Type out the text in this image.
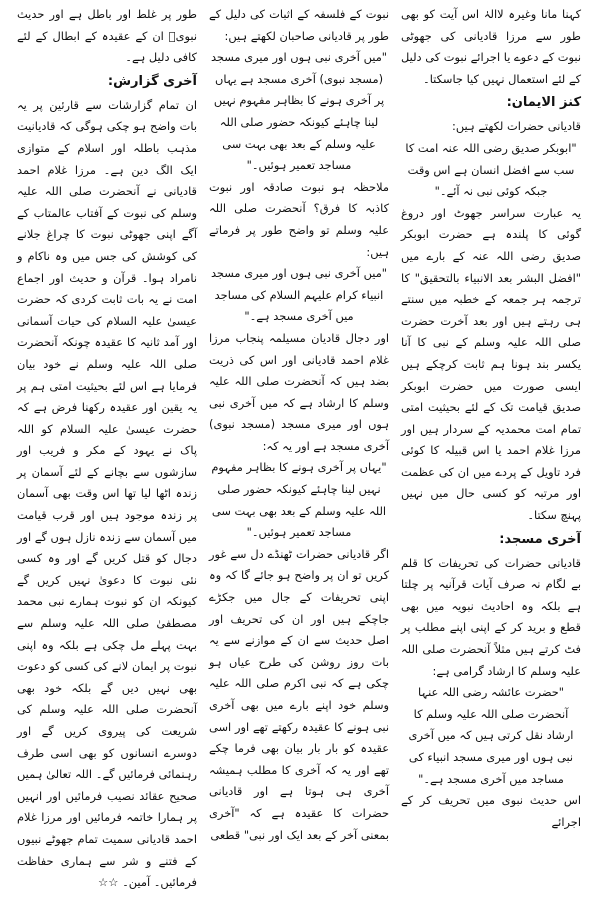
کہنا مانا وغیرہ لاالہٰ اس آیت کو بھی طور سے مرزا قادیانی کی جھوٹی نبوت کے دعوے یا اجرائے نبوت کی دلیل کے لئے استعمال نہیں کیا جاسکتا۔

کنز الایمان:

قادیانی حضرات لکھتے ہیں:

"ابوبکر صدیق رضی اللہ عنہ امت کا سب سے افضل انسان ہے اس وقت جبکہ کوئی نبی نہ آئے۔"

یہ عبارت سراسر جھوٹ اور دروغ گوئی کا پلندہ ہے حضرت ابوبکر صدیق رضی اللہ عنہ کے بارے میں "افضل البشر بعد الانبیاء بالتحقیق" کا ترجمہ ہر جمعہ کے خطبہ میں سنتے ہی رہتے ہیں اور بعد آخرت حضرت صلی اللہ علیہ وسلم کے نبی کا آنا یکسر بند ہونا ہم ثابت کرچکے ہیں ایسی صورت میں حضرت ابوبکر صدیق قیامت تک کے لئے بحیثیت امتی تمام امت محمدیہ کے سردار ہیں اور مرزا غلام احمد یا اس قبیلہ کا کوئی فرد تاویل کے پردے میں ان کی عظمت اور مرتبہ کو کسی حال میں نہیں پہنچ سکتا۔

آخری مسجد:

قادیانی حضرات کی تحریفات کا قلم بے لگام نہ صرف آیات قرآنیہ پر چلتا ہے بلکہ وہ احادیث نبویہ میں بھی قطع و برید کر کے اپنی اپنے مطلب پر فٹ کرتے ہیں مثلاً آنحضرت صلی اللہ علیہ وسلم کا ارشاد گرامی ہے:

"حضرت عائشہ رضی اللہ عنہا آنحضرت صلی اللہ علیہ وسلم کا ارشاد نقل کرتی ہیں کہ میں آخری نبی ہوں اور میری مسجد انبیاء کی مساجد میں آخری مسجد ہے۔"

اس حدیث نبوی میں تحریف کر کے اجرائے

نبوت کے فلسفہ کے اثبات کی دلیل کے طور پر قادیانی صاحبان لکھتے ہیں:

"میں آخری نبی ہوں اور میری مسجد (مسجد نبوی) آخری مسجد ہے یہاں پر آخری ہونے کا بظاہر مفہوم نہیں لینا چاہئے کیونکہ حضور صلی اللہ علیہ وسلم کے بعد بھی بہت سی مساجد تعمیر ہوئیں۔"

ملاحظہ ہو نبوت صادقہ اور نبوت کاذبہ کا فرق؟ آنحضرت صلی اللہ علیہ وسلم تو واضح طور پر فرماتے ہیں:

"میں آخری نبی ہوں اور میری مسجد انبیاء کرام علیہم السلام کی مساجد میں آخری مسجد ہے۔"

اور دجال قادیان مسیلمہ پنجاب مرزا غلام احمد قادیانی اور اس کی ذریت بضد ہیں کہ آنحضرت صلی اللہ علیہ وسلم کا ارشاد ہے کہ میں آخری نبی ہوں اور میری مسجد (مسجد نبوی) آخری مسجد ہے اور یہ کہ:

"یہاں پر آخری ہونے کا بظاہر مفہوم نہیں لینا چاہئے کیونکہ حضور صلی اللہ علیہ وسلم کے بعد بھی بہت سی مساجد تعمیر ہوئیں۔"

اگر قادیانی حضرات ٹھنڈے دل سے غور کریں تو ان پر واضح ہو جائے گا کہ وہ اپنی تحریفات کے جال میں جکڑے جاچکے ہیں اور ان کی تحریف اور اصل حدیث سے ان کے موازنے سے یہ بات روز روشن کی طرح عیاں ہو چکی ہے کہ نبی اکرم صلی اللہ علیہ وسلم خود اپنے بارے میں بھی آخری نبی ہونے کا عقیدہ رکھتے تھے اور اسی عقیدہ کو بار بار بیان بھی فرما چکے تھے اور یہ کہ آخری کا مطلب ہمیشہ آخری ہی ہوتا ہے اور قادیانی حضرات کا عقیدہ ہے کہ "آخری بمعنی آخر کے بعد ایک اور نبی" قطعی

طور پر غلط اور باطل ہے اور حدیث نبویؐ ان کے عقیدہ کے ابطال کے لئے کافی دلیل ہے۔

آخری گزارش:

ان تمام گزارشات سے قارئین پر یہ بات واضح ہو چکی ہوگی کہ قادیانیت مذہب باطلہ اور اسلام کے متوازی ایک الگ دین ہے۔ مرزا غلام احمد قادیانی نے آنحضرت صلی اللہ علیہ وسلم کی نبوت کے آفتاب عالمتاب کے آگے اپنی جھوٹی نبوت کا چراغ جلانے کی کوشش کی جس میں وہ ناکام و نامراد ہوا۔ قرآن و حدیث اور اجماع امت نے یہ بات ثابت کردی کہ حضرت عیسیٰ علیہ السلام کی حیات آسمانی اور آمد ثانیہ کا عقیدہ چونکہ آنحضرت صلی اللہ علیہ وسلم نے خود بیان فرمایا ہے اس لئے بحیثیت امتی ہم پر یہ یقین اور عقیدہ رکھنا فرض ہے کہ حضرت عیسیٰ علیہ السلام کو اللہ پاک نے یہود کے مکر و فریب اور سازشوں سے بچانے کے لئے آسمان پر زندہ اٹھا لیا تھا اس وقت بھی آسمان پر زندہ موجود ہیں اور قرب قیامت میں آسمان سے زندہ نازل ہوں گے اور دجال کو قتل کریں گے اور وہ کسی نئی نبوت کا دعویٰ نہیں کریں گے کیونکہ ان کو نبوت ہمارے نبی محمد مصطفیٰ صلی اللہ علیہ وسلم سے بہت پہلے مل چکی ہے بلکہ وہ اپنی نبوت پر ایمان لانے کی کسی کو دعوت بھی نہیں دیں گے بلکہ خود بھی آنحضرت صلی اللہ علیہ وسلم کی شریعت کی پیروی کریں گے اور دوسرے انسانوں کو بھی اسی طرف رہنمائی فرمائیں گے۔ اللہ تعالیٰ ہمیں صحیح عقائد نصیب فرمائیں اور انہیں پر ہمارا خاتمہ فرمائیں اور مرزا غلام احمد قادیانی سمیت تمام جھوٹے نبیوں کے فتنے و شر سے ہماری حفاظت فرمائیں۔ آمین۔ ☆☆
